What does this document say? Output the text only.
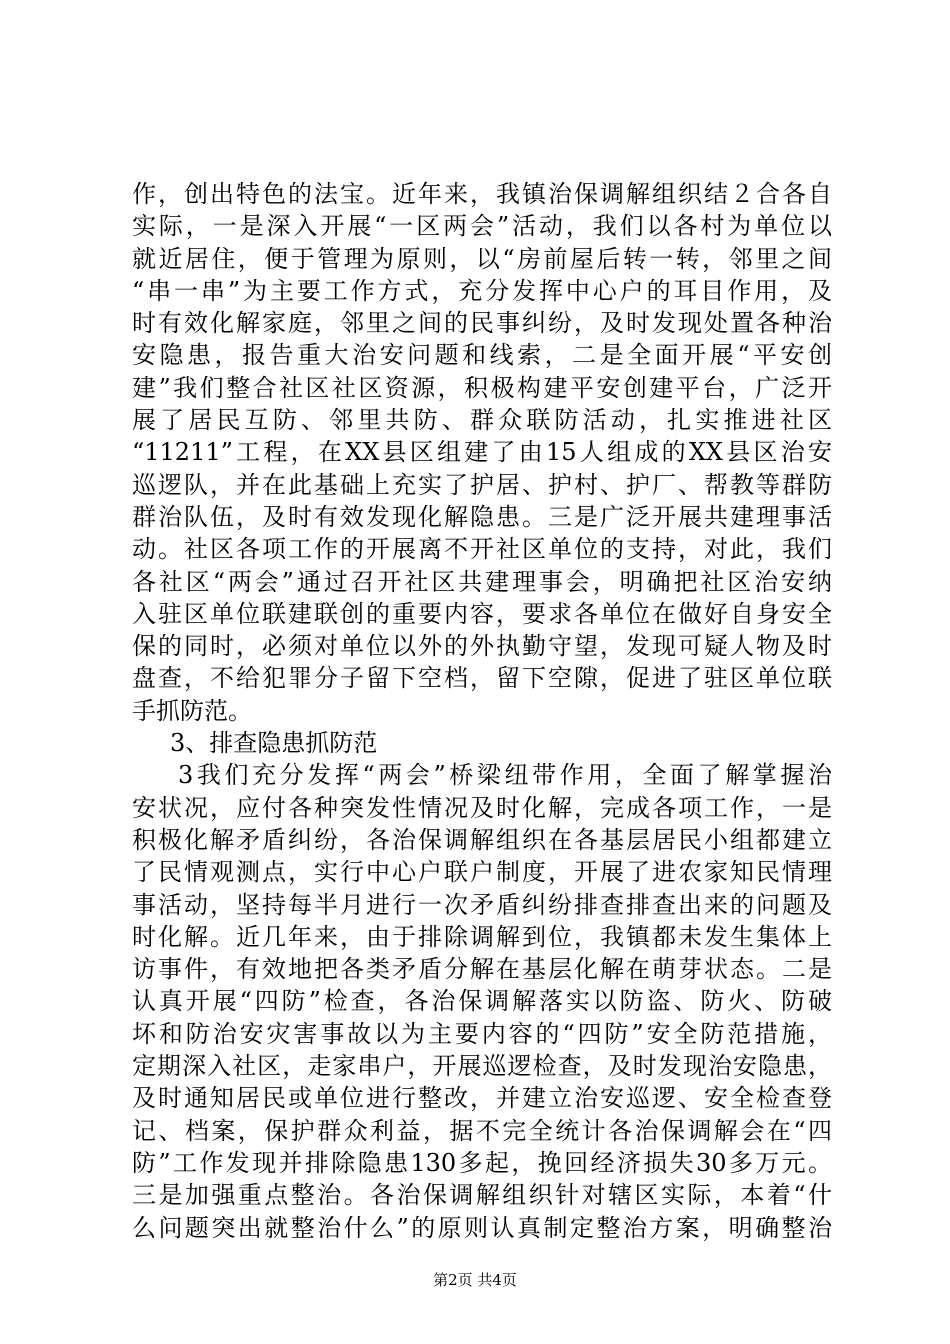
作，创出特色的法宝。近年来，我镇治保调解组织结２合各自
实际，一是深入开展“一区两会”活动，我们以各村为单位以
就近居住，便于管理为原则，以“房前屋后转一转，邻里之间
“串一串”为主要工作方式，充分发挥中心户的耳目作用，及
时有效化解家庭，邻里之间的民事纠纷，及时发现处置各种治
安隐患，报告重大治安问题和线索，二是全面开展“平安创
建”我们整合社区社区资源，积极构建平安创建平台，广泛开
展了居民互防、邻里共防、群众联防活动，扎实推进社区
“11211”工程，在XX县区组建了由15人组成的XX县区治安
巡逻队，并在此基础上充实了护居、护村、护厂、帮教等群防
群治队伍，及时有效发现化解隐患。三是广泛开展共建理事活
动。社区各项工作的开展离不开社区单位的支持，对此，我们
各社区“两会”通过召开社区共建理事会，明确把社区治安纳
入驻区单位联建联创的重要内容，要求各单位在做好自身安全
保的同时，必须对单位以外的外执勤守望，发现可疑人物及时
盘查，不给犯罪分子留下空档，留下空隙，促进了驻区单位联
手抓防范。
3、排查隐患抓防范
3我们充分发挥“两会”桥梁纽带作用，全面了解掌握治
安状况，应付各种突发性情况及时化解，完成各项工作，一是
积极化解矛盾纠纷，各治保调解组织在各基层居民小组都建立
了民情观测点，实行中心户联户制度，开展了进农家知民情理
事活动，坚持每半月进行一次矛盾纠纷排查排查出来的问题及
时化解。近几年来，由于排除调解到位，我镇都未发生集体上
访事件，有效地把各类矛盾分解在基层化解在萌芽状态。二是
认真开展“四防”检查，各治保调解落实以防盗、防火、防破
坏和防治安灾害事故以为主要内容的“四防”安全防范措施，
定期深入社区，走家串户，开展巡逻检查，及时发现治安隐患，
及时通知居民或单位进行整改，并建立治安巡逻、安全检查登
记、档案，保护群众利益，据不完全统计各治保调解会在“四
防”工作发现并排除隐患130多起，挽回经济损失30多万元。
三是加强重点整治。各治保调解组织针对辖区实际，本着“什
么问题突出就整治什么”的原则认真制定整治方案，明确整治
第2页 共4页
